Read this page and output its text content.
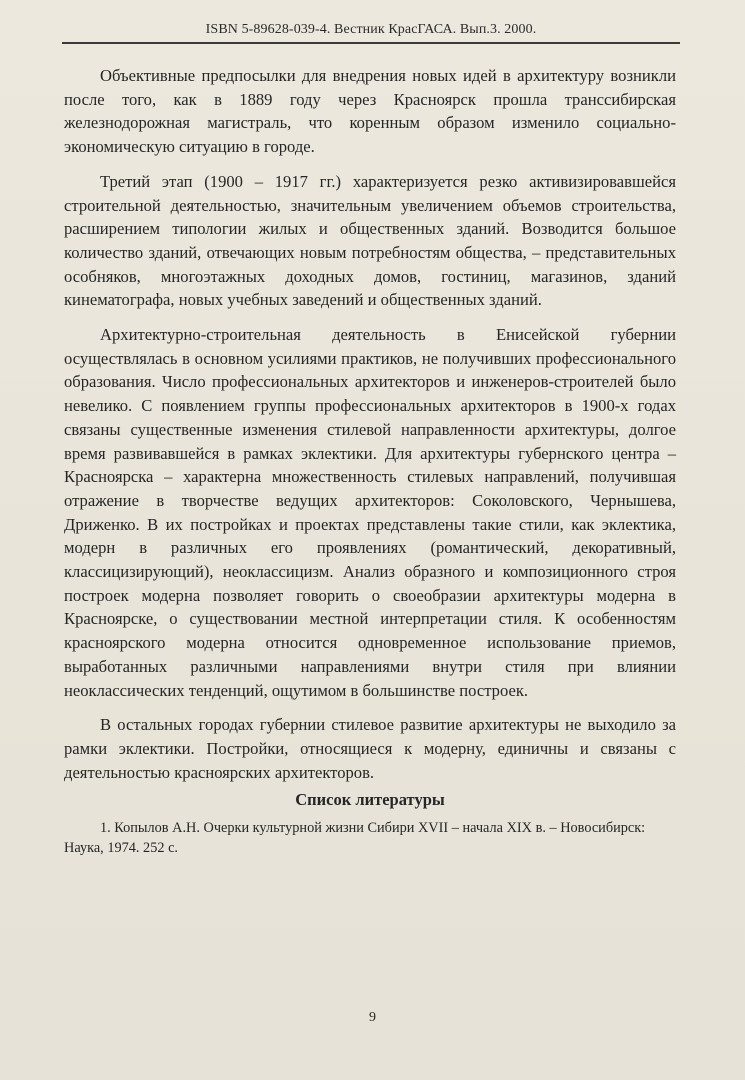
ISBN 5-89628-039-4. Вестник КрасГАСА. Вып.3. 2000.

Объективные предпосылки для внедрения новых идей в архитектуру возникли после того, как в 1889 году через Красноярск прошла транссибирская железнодорожная магистраль, что коренным образом изменило социально-экономическую ситуацию в городе.

Третий этап (1900 – 1917 гг.) характеризуется резко активизировавшейся строительной деятельностью, значительным увеличением объемов строительства, расширением типологии жилых и общественных зданий. Возводится большое количество зданий, отвечающих новым потребностям общества, – представительных особняков, многоэтажных доходных домов, гостиниц, магазинов, зданий кинематографа, новых учебных заведений и общественных зданий.

Архитектурно-строительная деятельность в Енисейской губернии осуществлялась в основном усилиями практиков, не получивших профессионального образования. Число профессиональных архитекторов и инженеров-строителей было невелико. С появлением группы профессиональных архитекторов в 1900-х годах связаны существенные изменения стилевой направленности архитектуры, долгое время развивавшейся в рамках эклектики. Для архитектуры губернского центра – Красноярска – характерна множественность стилевых направлений, получившая отражение в творчестве ведущих архитекторов: Соколовского, Чернышева, Дриженко. В их постройках и проектах представлены такие стили, как эклектика, модерн в различных его проявлениях (романтический, декоративный, классицизирующий), неоклассицизм. Анализ образного и композиционного строя построек модерна позволяет говорить о своеобразии архитектуры модерна в Красноярске, о существовании местной интерпретации стиля. К особенностям красноярского модерна относится одновременное использование приемов, выработанных различными направлениями внутри стиля при влиянии неоклассических тенденций, ощутимом в большинстве построек.

В остальных городах губернии стилевое развитие архитектуры не выходило за рамки эклектики. Постройки, относящиеся к модерну, единичны и связаны с деятельностью красноярских архитекторов.

Список литературы
1. Копылов А.Н. Очерки культурной жизни Сибири XVII – начала XIX в. – Новосибирск: Наука, 1974. 252 с.
9
